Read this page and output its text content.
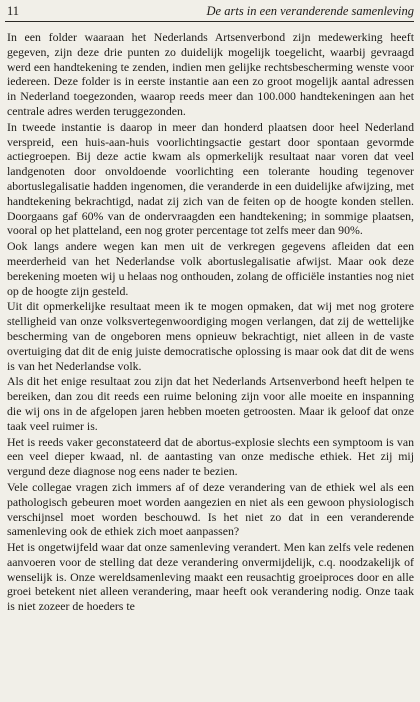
11	De arts in een veranderende samenleving

In een folder waaraan het Nederlands Artsenverbond zijn medewerking heeft gegeven, zijn deze drie punten zo duidelijk mogelijk toegelicht, waarbij gevraagd werd een handtekening te zenden, indien men gelijke rechtsbescherming wenste voor iedereen. Deze folder is in eerste instantie aan een zo groot mogelijk aantal adressen in Nederland toegezonden, waarop reeds meer dan 100.000 handtekeningen aan het centrale adres werden teruggezonden.

In tweede instantie is daarop in meer dan honderd plaatsen door heel Nederland verspreid, een huis-aan-huis voorlichtingsactie gestart door spontaan gevormde actiegroepen. Bij deze actie kwam als opmerkelijk resultaat naar voren dat veel landgenoten door onvoldoende voorlichting een tolerante houding tegenover abortuslegalisatie hadden ingenomen, die veranderde in een duidelijke afwijzing, met handtekening bekrachtigd, nadat zij zich van de feiten op de hoogte konden stellen. Doorgaans gaf 60% van de ondervraagden een handtekening; in sommige plaatsen, vooral op het platteland, een nog groter percentage tot zelfs meer dan 90%.

Ook langs andere wegen kan men uit de verkregen gegevens afleiden dat een meerderheid van het Nederlandse volk abortuslegalisatie afwijst. Maar ook deze berekening moeten wij u helaas nog onthouden, zolang de officiële instanties nog niet op de hoogte zijn gesteld.

Uit dit opmerkelijke resultaat meen ik te mogen opmaken, dat wij met nog grotere stelligheid van onze volksvertegenwoordiging mogen verlangen, dat zij de wettelijke bescherming van de ongeboren mens opnieuw bekrachtigt, niet alleen in de vaste overtuiging dat dit de enig juiste democratische oplossing is maar ook dat dit de wens is van het Nederlandse volk.

Als dit het enige resultaat zou zijn dat het Nederlands Artsenverbond heeft helpen te bereiken, dan zou dit reeds een ruime beloning zijn voor alle moeite en inspanning die wij ons in de afgelopen jaren hebben moeten getroosten. Maar ik geloof dat onze taak veel ruimer is.

Het is reeds vaker geconstateerd dat de abortus-explosie slechts een symptoom is van een veel dieper kwaad, nl. de aantasting van onze medische ethiek. Het zij mij vergund deze diagnose nog eens nader te bezien.

Vele collegae vragen zich immers af of deze verandering van de ethiek wel als een pathologisch gebeuren moet worden aangezien en niet als een gewoon physiologisch verschijnsel moet worden beschouwd. Is het niet zo dat in een veranderende samenleving ook de ethiek zich moet aanpassen?

Het is ongetwijfeld waar dat onze samenleving verandert. Men kan zelfs vele redenen aanvoeren voor de stelling dat deze verandering onvermijdelijk, c.q. noodzakelijk of wenselijk is. Onze wereldsamenleving maakt een reusachtig groeiproces door en alle groei betekent niet alleen verandering, maar heeft ook verandering nodig. Onze taak is niet zozeer de hoeders te
